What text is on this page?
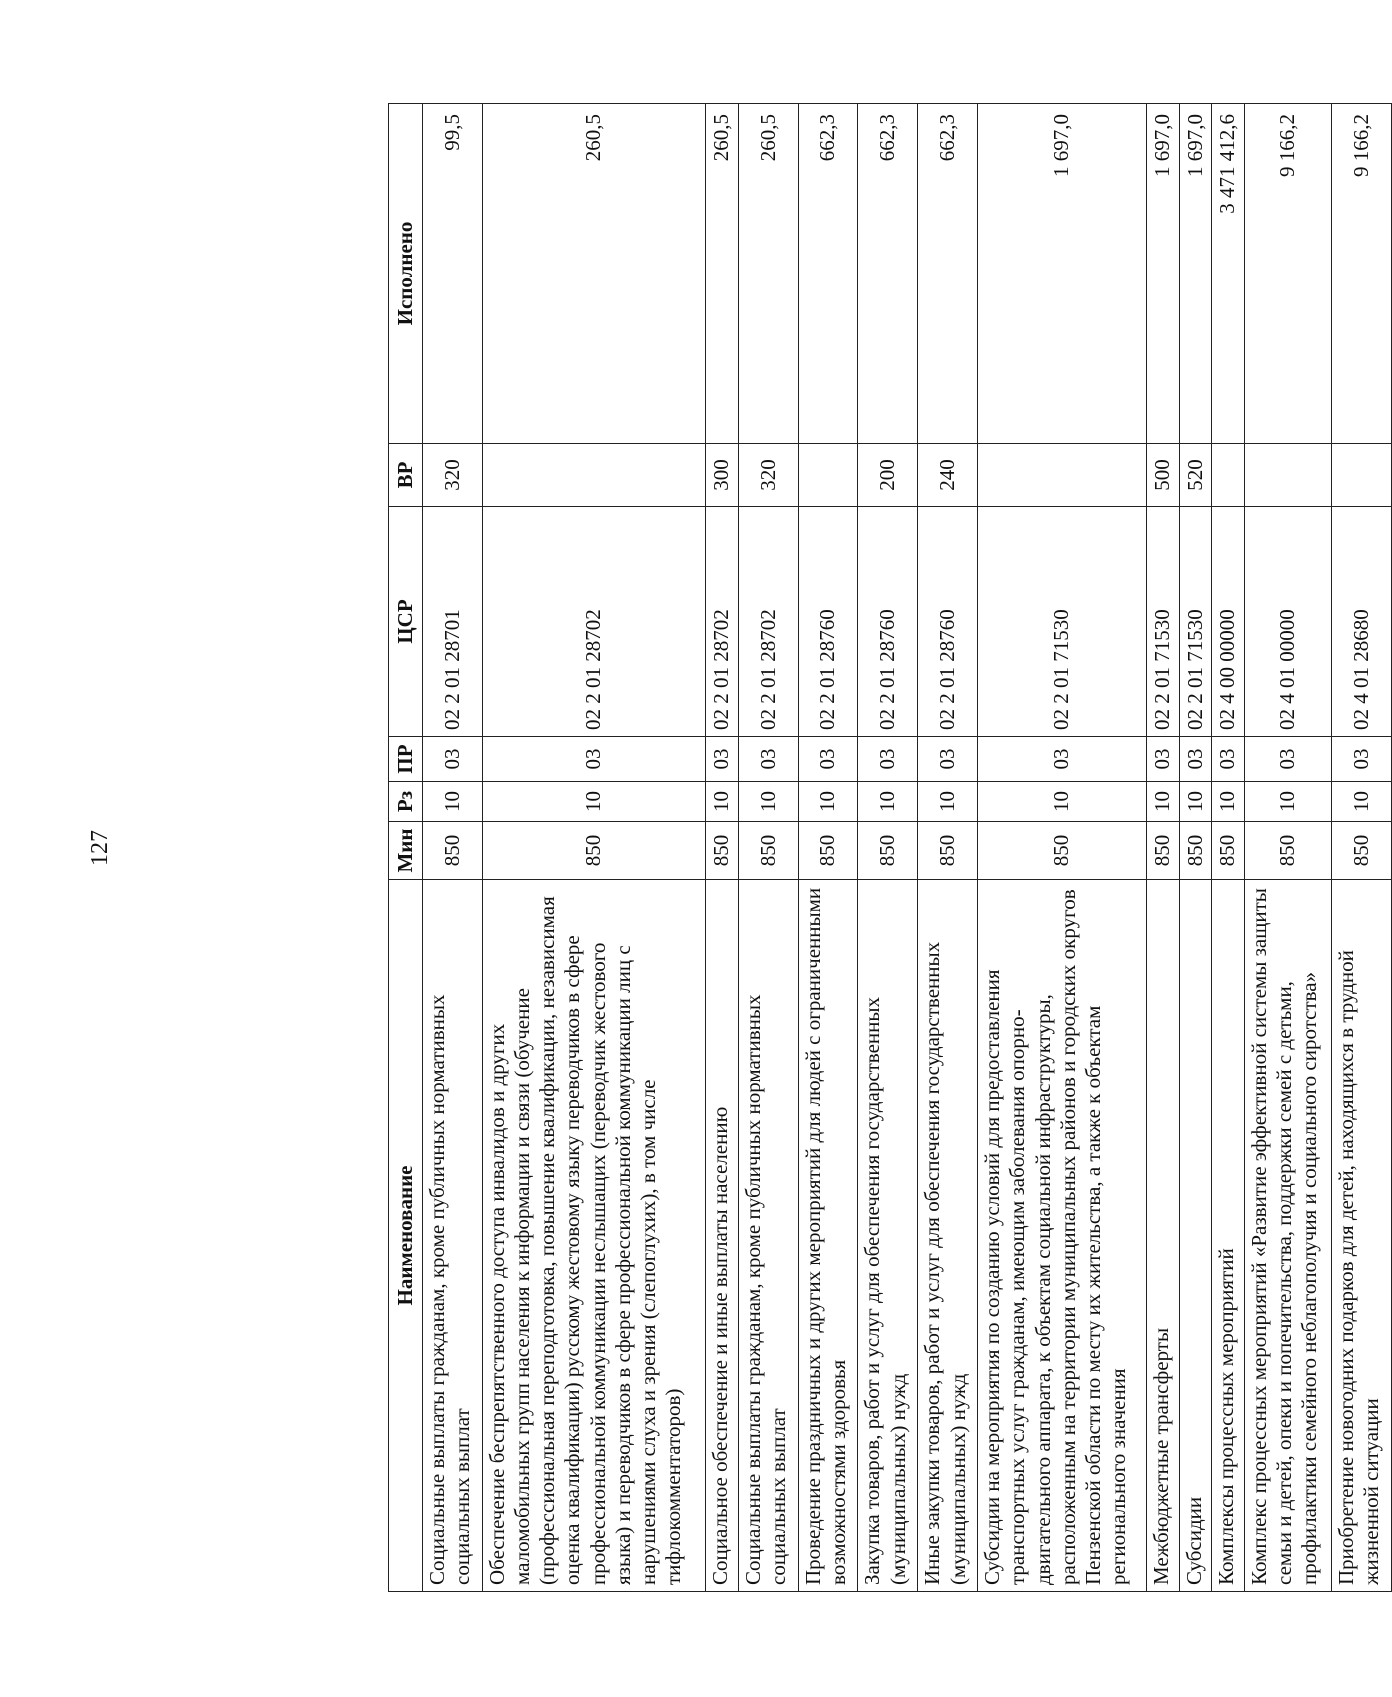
127
Наименование	Мин	Рз	ПР	ЦСР	ВР	Исполнено
Социальные выплаты гражданам, кроме публичных нормативных социальных выплат	850	10	03	02 2 01 28701	320	99,5
Обеспечение беспрепятственного доступа инвалидов и других маломобильных групп населения к информации и связи (обучение (профессиональная переподготовка, повышение квалификации, независимая оценка квалификации) русскому жестовому языку переводчиков в сфере профессиональной коммуникации неслышащих (переводчик жестового языка) и переводчиков в сфере профессиональной коммуникации лиц с нарушениями слуха и зрения (слепоглухих), в том числе тифлокомментаторов)	850	10	03	02 2 01 28702		260,5
Социальное обеспечение и иные выплаты населению	850	10	03	02 2 01 28702	300	260,5
Социальные выплаты гражданам, кроме публичных нормативных социальных выплат	850	10	03	02 2 01 28702	320	260,5
Проведение праздничных и других мероприятий для людей с ограниченными возможностями здоровья	850	10	03	02 2 01 28760		662,3
Закупка товаров, работ и услуг для обеспечения государственных (муниципальных) нужд	850	10	03	02 2 01 28760	200	662,3
Иные закупки товаров, работ и услуг для обеспечения государственных (муниципальных) нужд	850	10	03	02 2 01 28760	240	662,3
Субсидии на мероприятия по созданию условий для предоставления транспортных услуг гражданам, имеющим заболевания опорно-двигательного аппарата, к объектам социальной инфраструктуры, расположенным на территории муниципальных районов и городских округов Пензенской области по месту их жительства, а также к объектам регионального значения	850	10	03	02 2 01 71530		1 697,0
Межбюджетные трансферты	850	10	03	02 2 01 71530	500	1 697,0
Субсидии	850	10	03	02 2 01 71530	520	1 697,0
Комплексы процессных мероприятий	850	10	03	02 4 00 00000		3 471 412,6
Комплекс процессных мероприятий «Развитие эффективной системы защиты семьи и детей, опеки и попечительства, поддержки семей с детьми, профилактики семейного неблагополучия и социального сиротства»	850	10	03	02 4 01 00000		9 166,2
Приобретение новогодних подарков для детей, находящихся в трудной жизненной ситуации	850	10	03	02 4 01 28680		9 166,2
